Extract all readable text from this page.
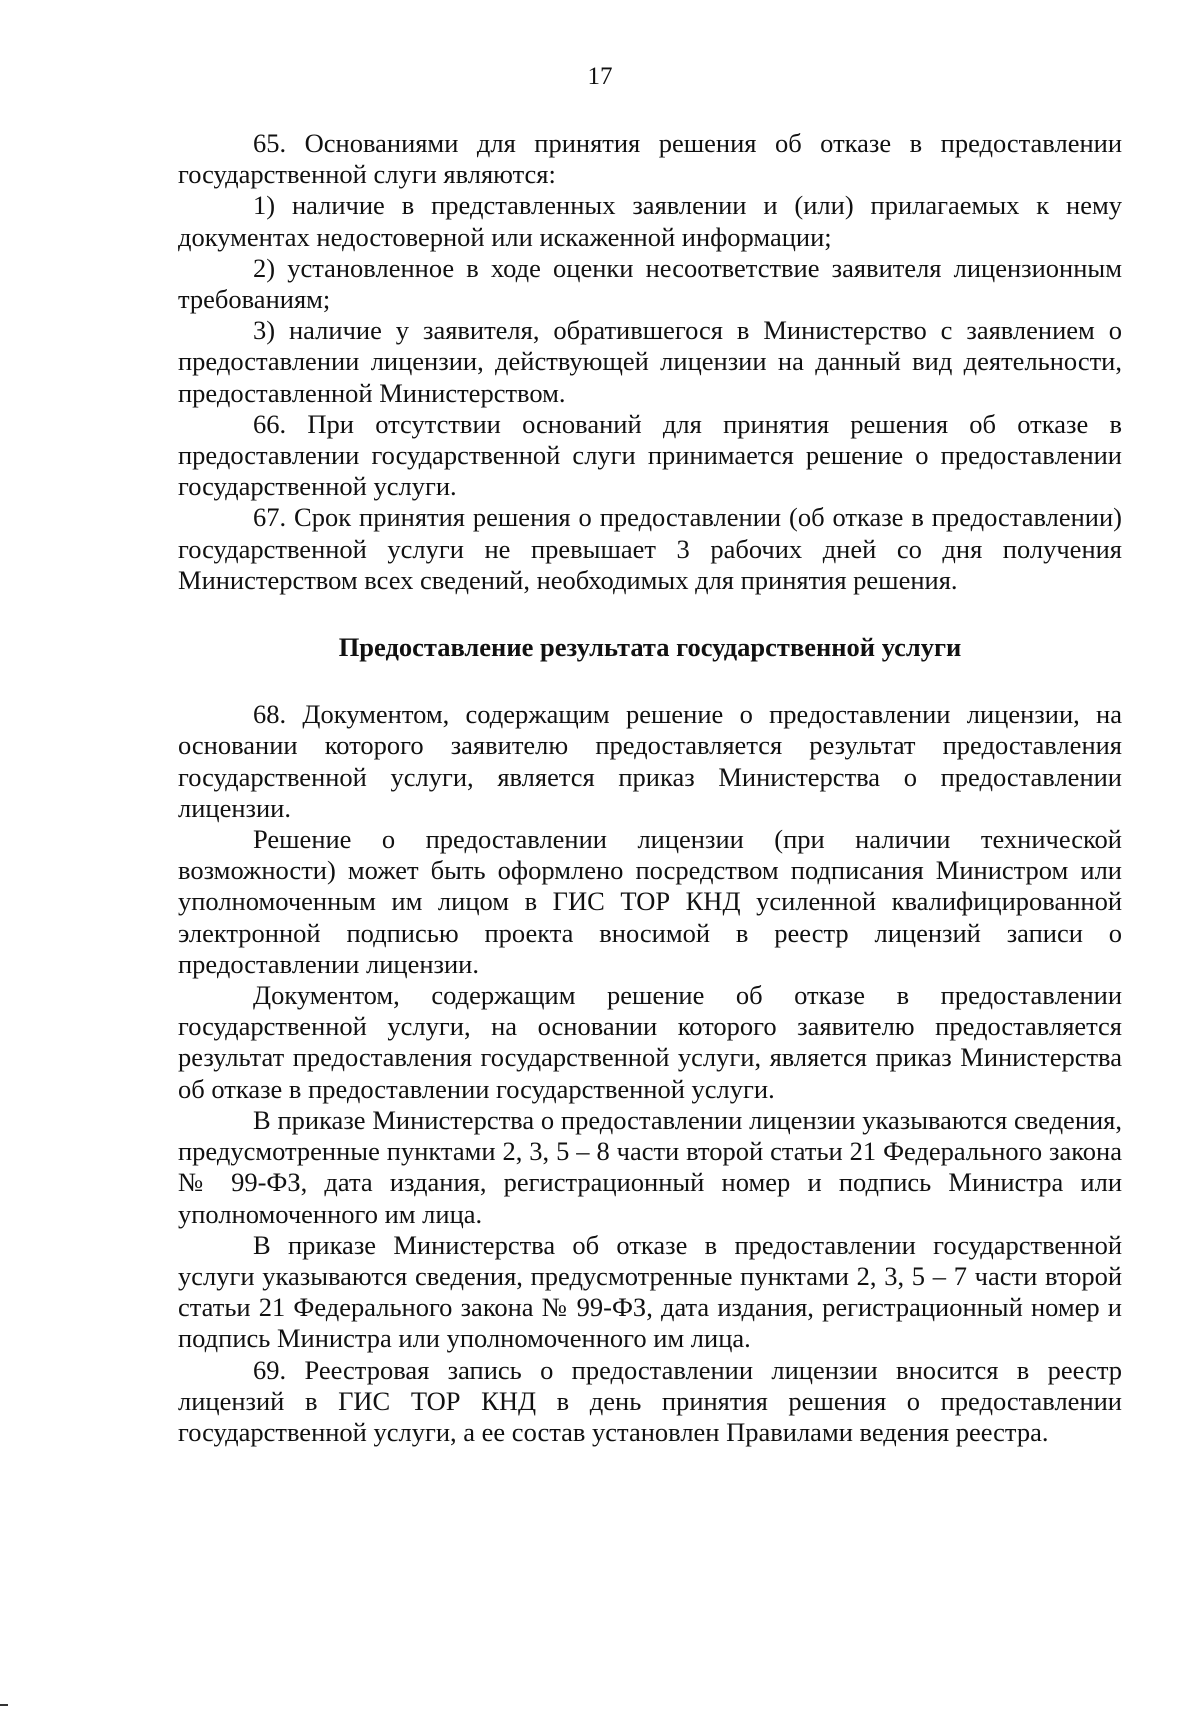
17

65. Основаниями для принятия решения об отказе в предоставлении государственной слуги являются:

1) наличие в представленных заявлении и (или) прилагаемых к нему документах недостоверной или искаженной информации;

2) установленное в ходе оценки несоответствие заявителя лицензионным требованиям;

3) наличие у заявителя, обратившегося в Министерство с заявлением о предоставлении лицензии, действующей лицензии на данный вид деятельности, предоставленной Министерством.

66. При отсутствии оснований для принятия решения об отказе в предоставлении государственной слуги принимается решение о предоставлении государственной услуги.

67. Срок принятия решения о предоставлении (об отказе в предоставлении) государственной услуги не превышает 3 рабочих дней со дня получения Министерством всех сведений, необходимых для принятия решения.

Предоставление результата государственной услуги

68. Документом, содержащим решение о предоставлении лицензии, на основании которого заявителю предоставляется результат предоставления государственной услуги, является приказ Министерства о предоставлении лицензии.

Решение о предоставлении лицензии (при наличии технической возможности) может быть оформлено посредством подписания Министром или уполномоченным им лицом в ГИС ТОР КНД усиленной квалифицированной электронной подписью проекта вносимой в реестр лицензий записи о предоставлении лицензии.

Документом, содержащим решение об отказе в предоставлении государственной услуги, на основании которого заявителю предоставляется результат предоставления государственной услуги, является приказ Министерства об отказе в предоставлении государственной услуги.

В приказе Министерства о предоставлении лицензии указываются сведения, предусмотренные пунктами 2, 3, 5 – 8 части второй статьи 21 Федерального закона № 99-ФЗ, дата издания, регистрационный номер и подпись Министра или уполномоченного им лица.

В приказе Министерства об отказе в предоставлении государственной услуги указываются сведения, предусмотренные пунктами 2, 3, 5 – 7 части второй статьи 21 Федерального закона № 99-ФЗ, дата издания, регистрационный номер и подпись Министра или уполномоченного им лица.

69. Реестровая запись о предоставлении лицензии вносится в реестр лицензий в ГИС ТОР КНД в день принятия решения о предоставлении государственной услуги, а ее состав установлен Правилами ведения реестра.
